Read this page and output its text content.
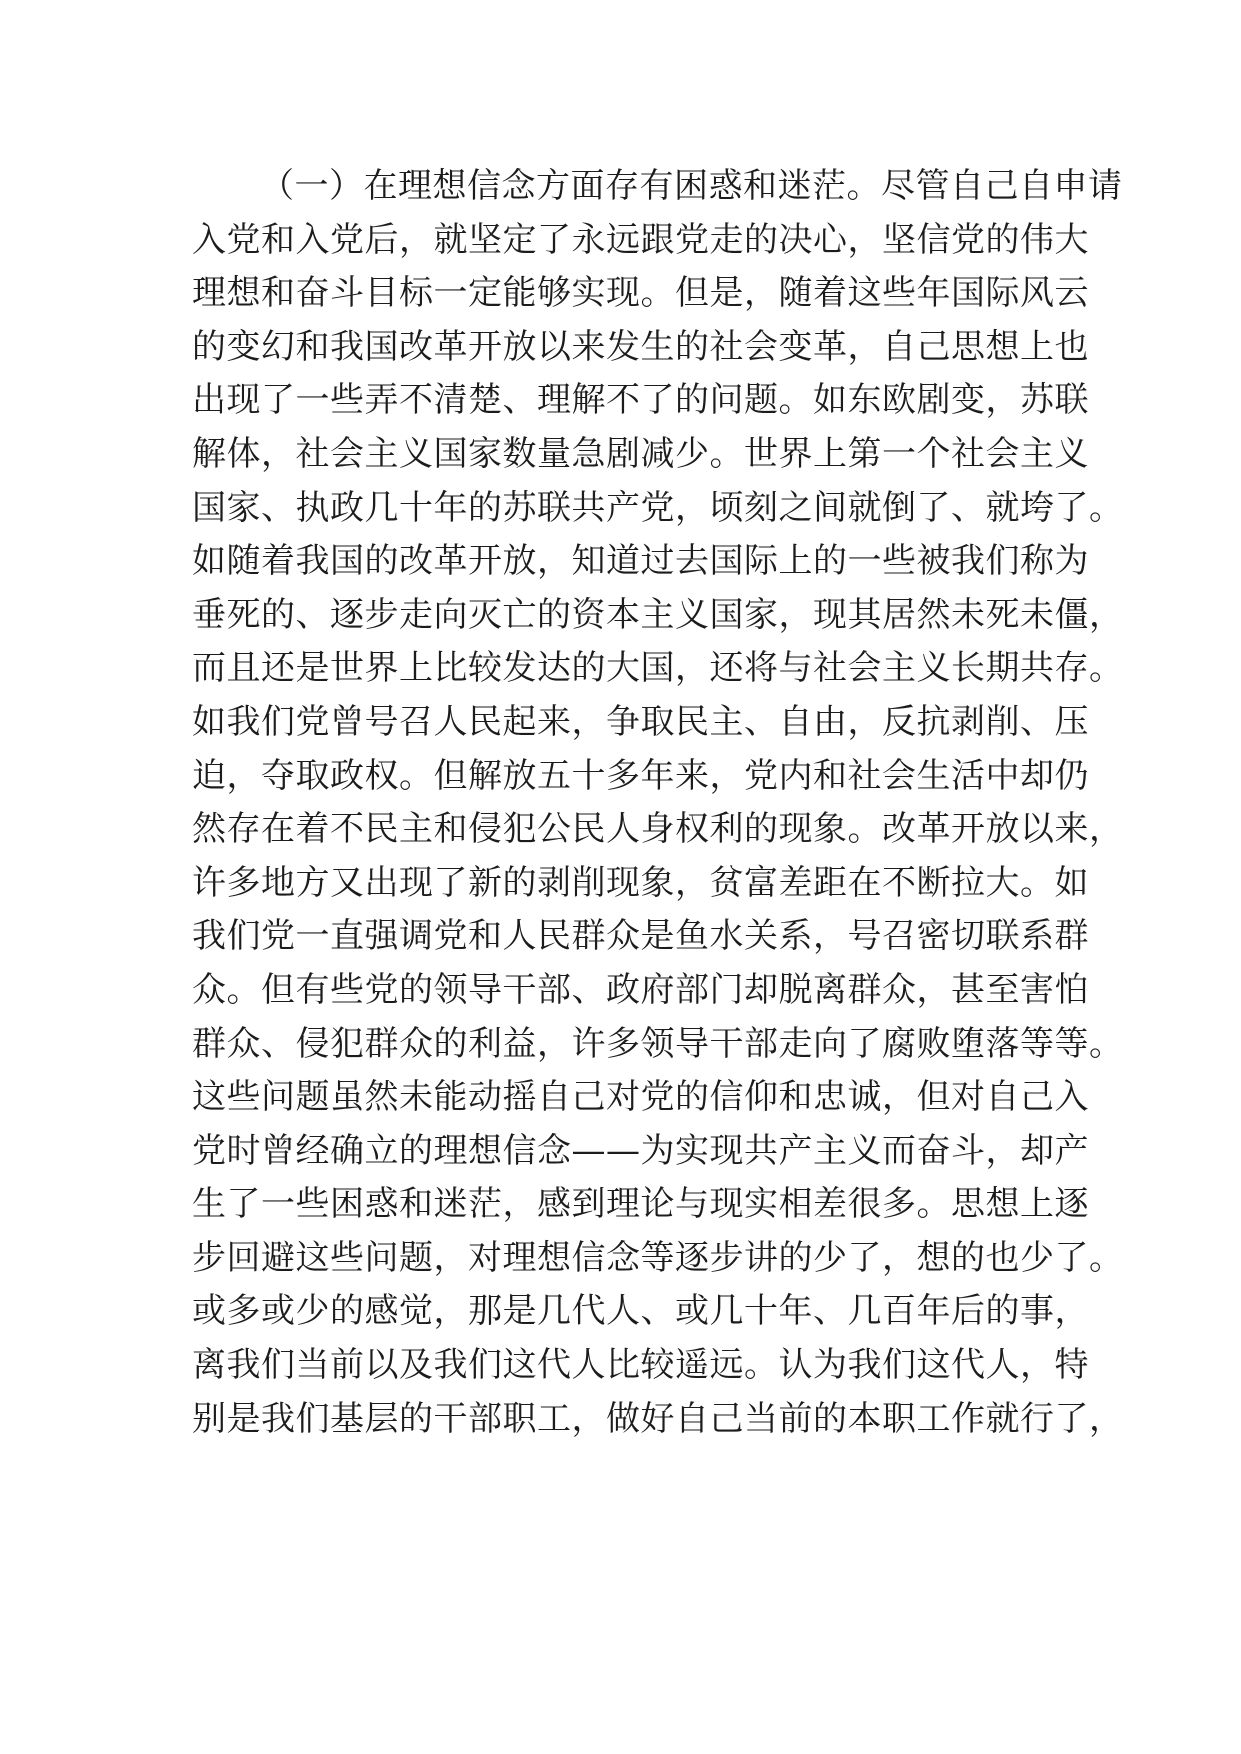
（一）在理想信念方面存有困惑和迷茫。尽管自己自申请
入党和入党后，就坚定了永远跟党走的决心，坚信党的伟大
理想和奋斗目标一定能够实现。但是，随着这些年国际风云
的变幻和我国改革开放以来发生的社会变革，自己思想上也
出现了一些弄不清楚、理解不了的问题。如东欧剧变，苏联
解体，社会主义国家数量急剧减少。世界上第一个社会主义
国家、执政几十年的苏联共产党，顷刻之间就倒了、就垮了。
如随着我国的改革开放，知道过去国际上的一些被我们称为
垂死的、逐步走向灭亡的资本主义国家，现其居然未死未僵，
而且还是世界上比较发达的大国，还将与社会主义长期共存。
如我们党曾号召人民起来，争取民主、自由，反抗剥削、压
迫，夺取政权。但解放五十多年来，党内和社会生活中却仍
然存在着不民主和侵犯公民人身权利的现象。改革开放以来，
许多地方又出现了新的剥削现象，贫富差距在不断拉大。如
我们党一直强调党和人民群众是鱼水关系，号召密切联系群
众。但有些党的领导干部、政府部门却脱离群众，甚至害怕
群众、侵犯群众的利益，许多领导干部走向了腐败堕落等等。
这些问题虽然未能动摇自己对党的信仰和忠诚，但对自己入
党时曾经确立的理想信念——为实现共产主义而奋斗，却产
生了一些困惑和迷茫，感到理论与现实相差很多。思想上逐
步回避这些问题，对理想信念等逐步讲的少了，想的也少了。
或多或少的感觉，那是几代人、或几十年、几百年后的事，
离我们当前以及我们这代人比较遥远。认为我们这代人，特
别是我们基层的干部职工，做好自己当前的本职工作就行了，
